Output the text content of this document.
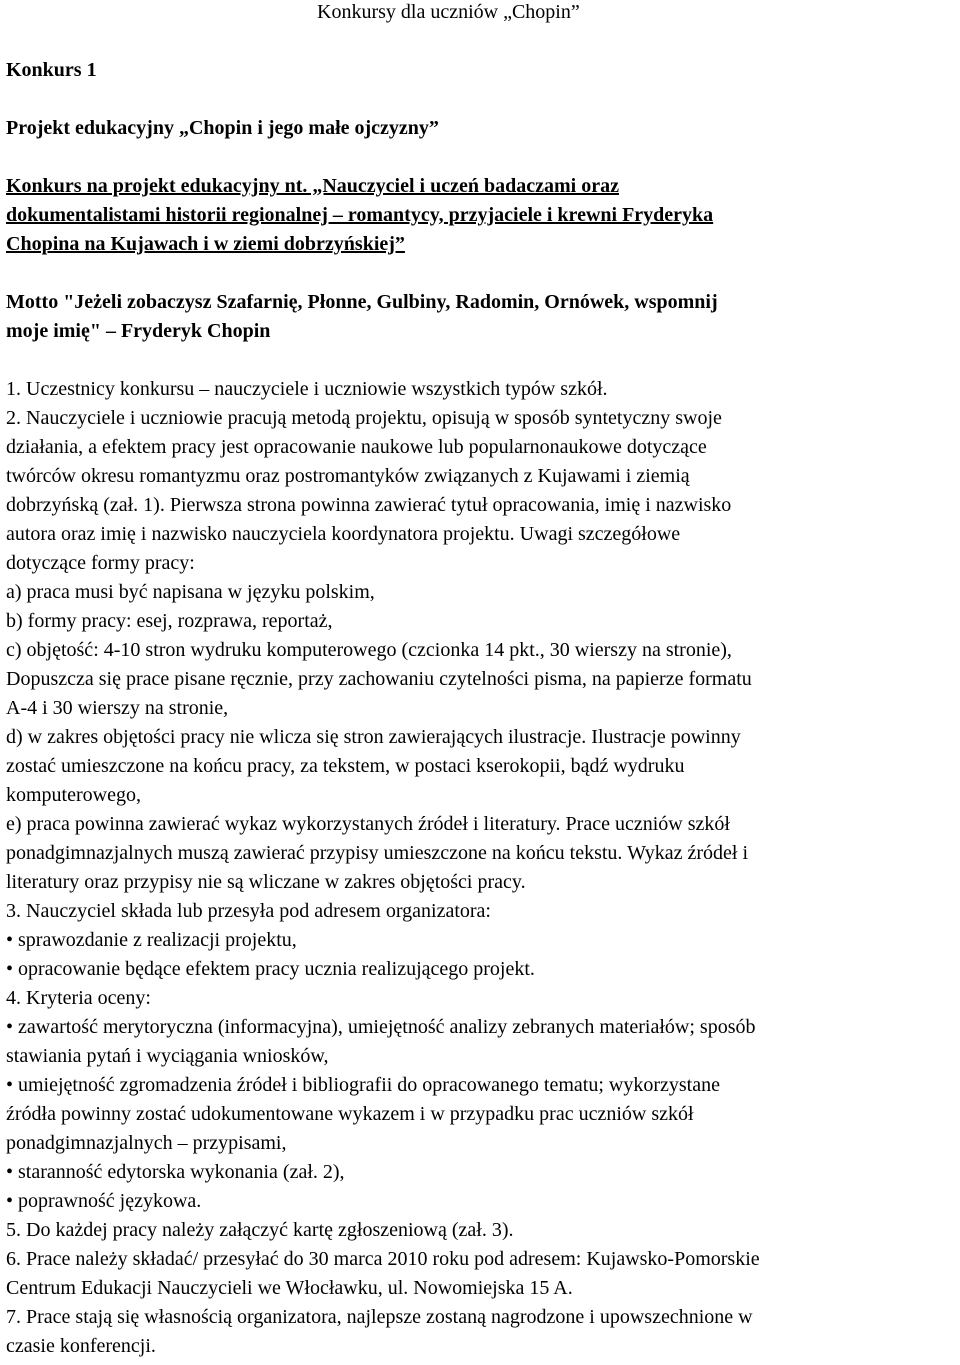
Konkursy dla uczniów „Chopin”
Konkurs 1
Projekt edukacyjny „Chopin i jego małe ojczyzny”
Konkurs na projekt edukacyjny nt. „Nauczyciel i uczeń badaczami oraz
dokumentalistami historii regionalnej – romantycy, przyjaciele i krewni Fryderyka
Chopina na Kujawach i w ziemi dobrzyńskiej”
Motto "Jeżeli zobaczysz Szafarnię, Płonne, Gulbiny, Radomin, Ornówek, wspomnij
moje imię" – Fryderyk Chopin
1. Uczestnicy konkursu – nauczyciele i uczniowie wszystkich typów szkół.
2. Nauczyciele i uczniowie pracują metodą projektu, opisują w sposób syntetyczny swoje
działania, a efektem pracy jest opracowanie naukowe lub popularnonaukowe dotyczące
twórców okresu romantyzmu oraz postromantyków związanych z Kujawami i ziemią
dobrzyńską (zał. 1). Pierwsza strona powinna zawierać tytuł opracowania, imię i nazwisko
autora oraz imię i nazwisko nauczyciela koordynatora projektu. Uwagi szczegółowe
dotyczące formy pracy:
a) praca musi być napisana w języku polskim,
b) formy pracy: esej, rozprawa, reportaż,
c) objętość: 4-10 stron wydruku komputerowego (czcionka 14 pkt., 30 wierszy na stronie),
Dopuszcza się prace pisane ręcznie, przy zachowaniu czytelności pisma, na papierze formatu
A-4 i 30 wierszy na stronie,
d) w zakres objętości pracy nie wlicza się stron zawierających ilustracje. Ilustracje powinny
zostać umieszczone na końcu pracy, za tekstem, w postaci kserokopii, bądź wydruku
komputerowego,
e) praca powinna zawierać wykaz wykorzystanych źródeł i literatury. Prace uczniów szkół
ponadgimnazjalnych muszą zawierać przypisy umieszczone na końcu tekstu. Wykaz źródeł i
literatury oraz przypisy nie są wliczane w zakres objętości pracy.
3. Nauczyciel składa lub przesyła pod adresem organizatora:
• sprawozdanie z realizacji projektu,
• opracowanie będące efektem pracy ucznia realizującego projekt.
4. Kryteria oceny:
• zawartość merytoryczna (informacyjna), umiejętność analizy zebranych materiałów; sposób
stawiania pytań i wyciągania wniosków,
• umiejętność zgromadzenia źródeł i bibliografii do opracowanego tematu; wykorzystane
źródła powinny zostać udokumentowane wykazem i w przypadku prac uczniów szkół
ponadgimnazjalnych – przypisami,
• staranność edytorska wykonania (zał. 2),
• poprawność językowa.
5. Do każdej pracy należy załączyć kartę zgłoszeniową (zał. 3).
6. Prace należy składać/ przesyłać do 30 marca 2010 roku pod adresem: Kujawsko-Pomorskie
Centrum Edukacji Nauczycieli we Włocławku, ul. Nowomiejska 15 A.
7. Prace stają się własnością organizatora, najlepsze zostaną nagrodzone i upowszechnione w
czasie konferencji.
